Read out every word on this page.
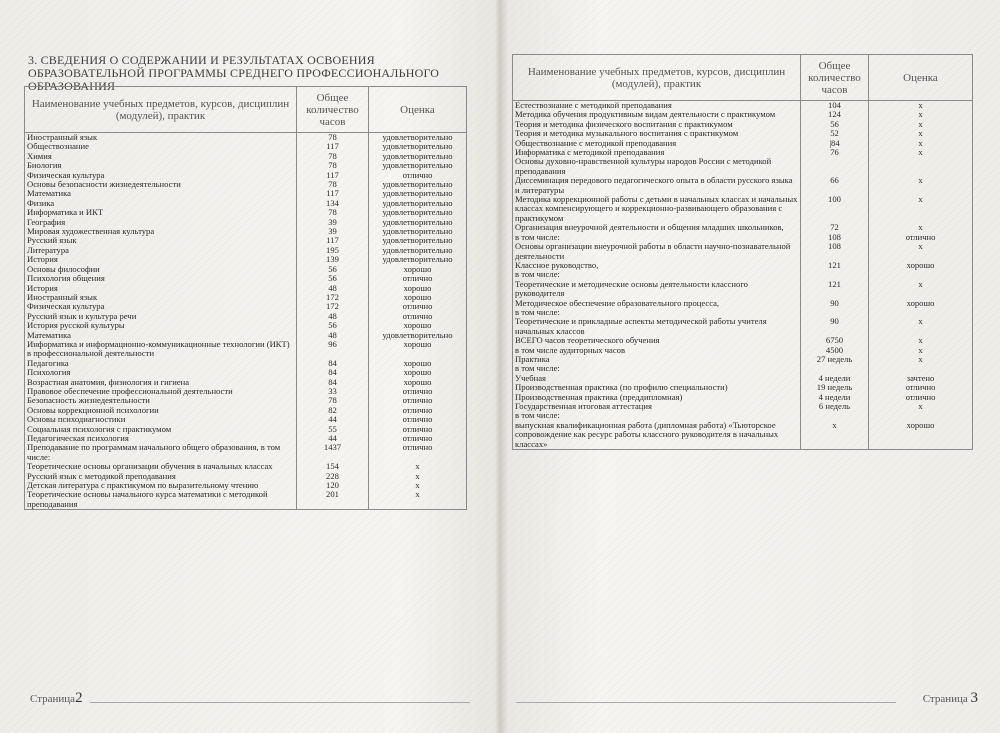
3. СВЕДЕНИЯ О СОДЕРЖАНИИ И РЕЗУЛЬТАТАХ ОСВОЕНИЯ ОБРАЗОВАТЕЛЬНОЙ ПРОГРАММЫ СРЕДНЕГО ПРОФЕССИОНАЛЬНОГО ОБРАЗОВАНИЯ
Наименование учебных предметов, курсов, дисциплин (модулей), практик	Общее количество часов	Оценка
Иностранный язык	78	удовлетворительно
Обществознание	117	удовлетворительно
Химия	78	удовлетворительно
Биология	78	удовлетворительно
Физическая культура	117	отлично
Основы безопасности жизнедеятельности	78	удовлетворительно
Математика	117	удовлетворительно
Физика	134	удовлетворительно
Информатика и ИКТ	78	удовлетворительно
География	39	удовлетворительно
Мировая художественная культура	39	удовлетворительно
Русский язык	117	удовлетворительно
Литература	195	удовлетворительно
История	139	удовлетворительно
Основы философии	56	хорошо
Психология общения	56	отлично
История	48	хорошо
Иностранный язык	172	хорошо
Физическая культура	172	отлично
Русский язык и культура речи	48	отлично
История русской культуры	56	хорошо
Математика	48	удовлетворительно
Информатика и информационно-коммуникационные технологии (ИКТ) в профессиональной деятельности	96	хорошо
Педагогика	84	хорошо
Психология	84	хорошо
Возрастная анатомия, физиология и гигиена	84	хорошо
Правовое обеспечение профессиональной деятельности	33	отлично
Безопасность жизнедеятельности	78	отлично
Основы коррекционной психологии	82	отлично
Основы психодиагностики	44	отлично
Социальная психология с практикумом	55	отлично
Педагогическая психология	44	отлично
Преподавание по программам начального общего образования, в том числе:	1437	отлично
Теоретические основы организации обучения в начальных классах	154	х
Русский язык с методикой преподавания	228	х
Детская литература с практикумом по выразительному чтению	120	х
Теоретические основы начального курса математики с методикой преподавания	201	х
Страница2
Наименование учебных предметов, курсов, дисциплин (модулей), практик	Общее количество часов	Оценка
Естествознание с методикой преподавания	104	х
Методика обучения продуктивным видам деятельности с практикумом	124	х
Теория и методика физического воспитания с практикумом	56	х
Теория и методика музыкального воспитания с практикумом	52	х
Обществознание с методикой преподавания	|84	х
Информатика с методикой преподавания	76	х
Основы духовно-нравственной культуры народов России с методикой преподавания		
Диссеминация передового педагогического опыта в области русского языка и литературы	66	х
Методика коррекционной работы с детьми в начальных классах и начальных классах компенсирующего и коррекционно-развивающего образования с практикумом	100	х
Организация внеурочной деятельности и общения младших школьников,	72	х
в том числе:	108	отлично
Основы организации внеурочной работы в области научно-познавательной деятельности	108	х
Классное руководство,	121	хорошо
в том числе:		
Теоретические и методические основы деятельности классного руководителя	121	х
Методическое обеспечение образовательного процесса,	90	хорошо
в том числе:		
Теоретические и прикладные аспекты методической работы учителя начальных классов	90	х
ВСЕГО часов теоретического обучения	6750	х
в том числе аудиторных часов	4500	х
Практика	27 недель	х
в том числе:		
Учебная	4 недели	зачтено
Производственная практика (по профилю специальности)	19 недель	отлично
Производственная практика (преддипломная)	4 недели	отлично
Государственная итоговая аттестация	6 недель	х
в том числе:		
выпускная квалификационная работа (дипломная работа) «Тьюторское сопровождение как ресурс работы классного руководителя в начальных классах»	х	хорошо
Страница 3
